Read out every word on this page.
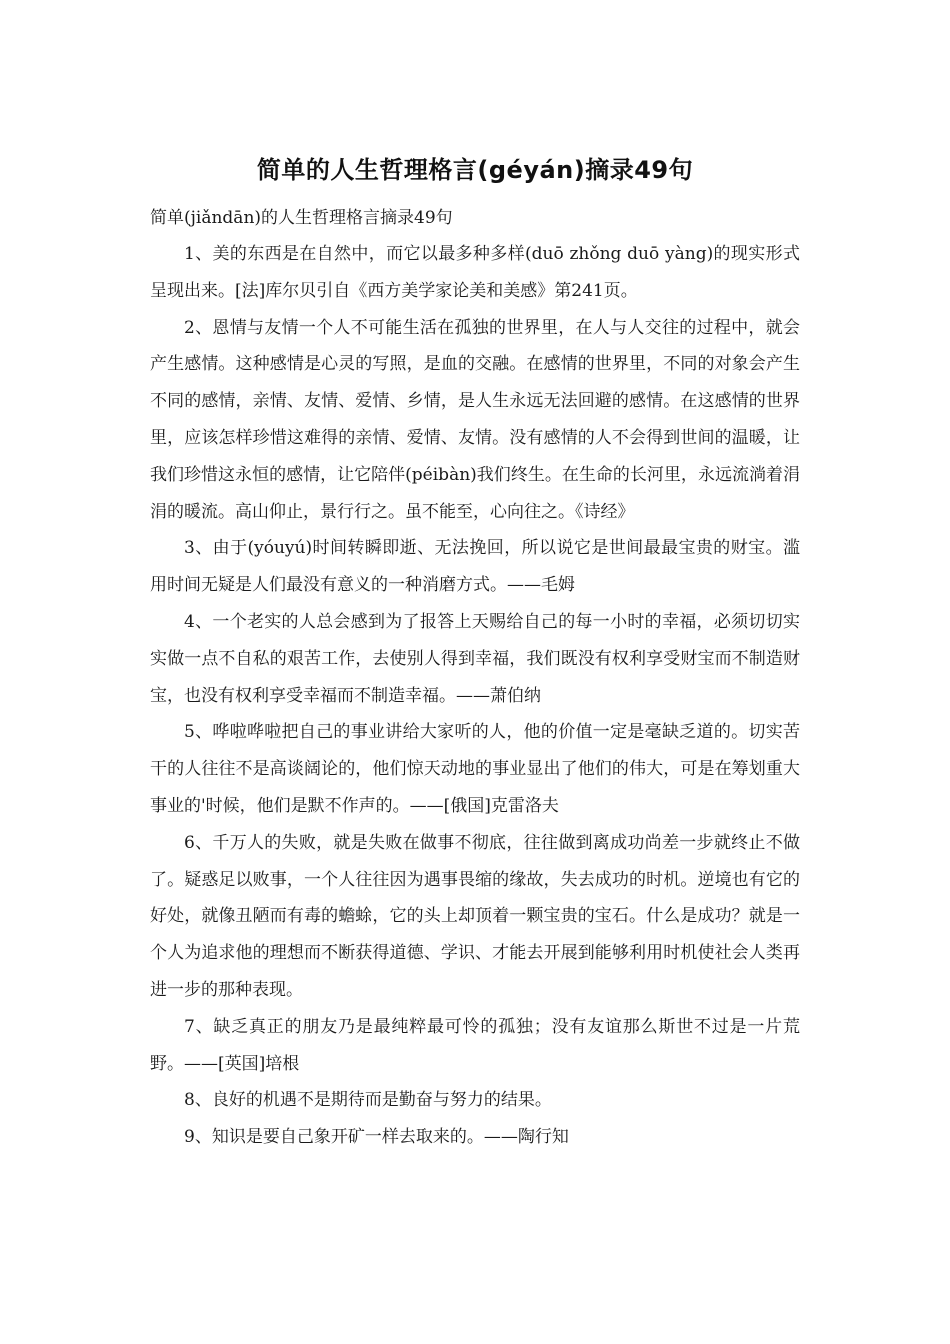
简单的人生哲理格言(géyán)摘录49句

简单(jiǎndān)的人生哲理格言摘录49句

1、美的东西是在自然中，而它以最多种多样(duō zhǒng duō yàng)的现实形式呈现出来。[法]库尔贝引自《西方美学家论美和美感》第241页。

2、恩情与友情一个人不可能生活在孤独的世界里，在人与人交往的过程中，就会产生感情。这种感情是心灵的写照，是血的交融。在感情的世界里，不同的对象会产生不同的感情，亲情、友情、爱情、乡情，是人生永远无法回避的感情。在这感情的世界里，应该怎样珍惜这难得的亲情、爱情、友情。没有感情的人不会得到世间的温暖，让我们珍惜这永恒的感情，让它陪伴(péibàn)我们终生。在生命的长河里，永远流淌着涓涓的暖流。高山仰止，景行行之。虽不能至，心向往之。《诗经》

3、由于(yóuyú)时间转瞬即逝、无法挽回，所以说它是世间最最宝贵的财宝。滥用时间无疑是人们最没有意义的一种消磨方式。——毛姆

4、一个老实的人总会感到为了报答上天赐给自己的每一小时的幸福，必须切切实实做一点不自私的艰苦工作，去使别人得到幸福，我们既没有权利享受财宝而不制造财宝，也没有权利享受幸福而不制造幸福。——萧伯纳

5、哗啦哗啦把自己的事业讲给大家听的人，他的价值一定是毫缺乏道的。切实苦干的人往往不是高谈阔论的，他们惊天动地的事业显出了他们的伟大，可是在筹划重大事业的'时候，他们是默不作声的。——[俄国]克雷洛夫

6、千万人的失败，就是失败在做事不彻底，往往做到离成功尚差一步就终止不做了。疑惑足以败事，一个人往往因为遇事畏缩的缘故，失去成功的时机。逆境也有它的好处，就像丑陋而有毒的蟾蜍，它的头上却顶着一颗宝贵的宝石。什么是成功？就是一个人为追求他的理想而不断获得道德、学识、才能去开展到能够利用时机使社会人类再进一步的那种表现。

7、缺乏真正的朋友乃是最纯粹最可怜的孤独；没有友谊那么斯世不过是一片荒野。——[英国]培根

8、良好的机遇不是期待而是勤奋与努力的结果。

9、知识是要自己象开矿一样去取来的。——陶行知
